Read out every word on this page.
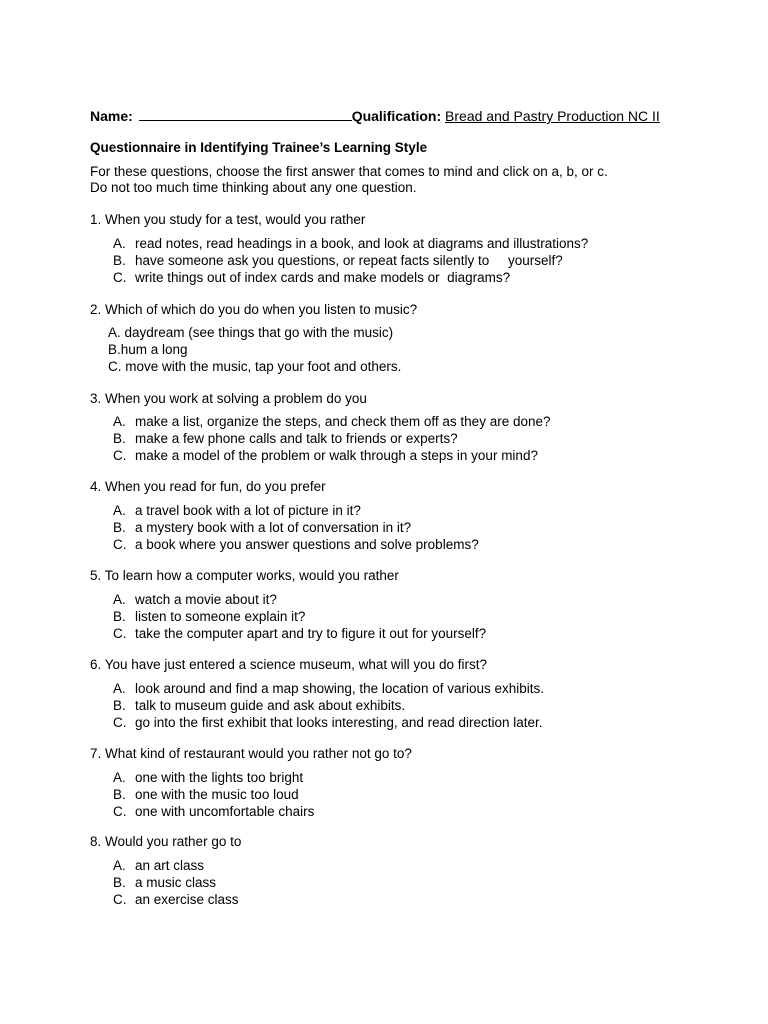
Name:	Qualification: Bread and Pastry Production NC II
Questionnaire in Identifying Trainee’s Learning Style
For these questions, choose the first answer that comes to mind and click on a, b, or c.
Do not too much time thinking about any one question.
1. When you study for a test, would you rather
A. read notes, read headings in a book, and look at diagrams and illustrations?
B. have someone ask you questions, or repeat facts silently to     yourself?
C. write things out of index cards and make models or  diagrams?
2. Which of which do you do when you listen to music?
A. daydream (see things that go with the music)
B.hum a long
C. move with the music, tap your foot and others.
3. When you work at solving a problem do you
A. make a list, organize the steps, and check them off as they are done?
B. make a few phone calls and talk to friends or experts?
C. make a model of the problem or walk through a steps in your mind?
4. When you read for fun, do you prefer
A. a travel book with a lot of picture in it?
B. a mystery book with a lot of conversation in it?
C. a book where you answer questions and solve problems?
5. To learn how a computer works, would you rather
A. watch a movie about it?
B. listen to someone explain it?
C. take the computer apart and try to figure it out for yourself?
6. You have just entered a science museum, what will you do first?
A. look around and find a map showing, the location of various exhibits.
B. talk to museum guide and ask about exhibits.
C. go into the first exhibit that looks interesting, and read direction later.
7. What kind of restaurant would you rather not go to?
A. one with the lights too bright
B. one with the music too loud
C. one with uncomfortable chairs
8. Would you rather go to
A. an art class
B. a music class
C. an exercise class
